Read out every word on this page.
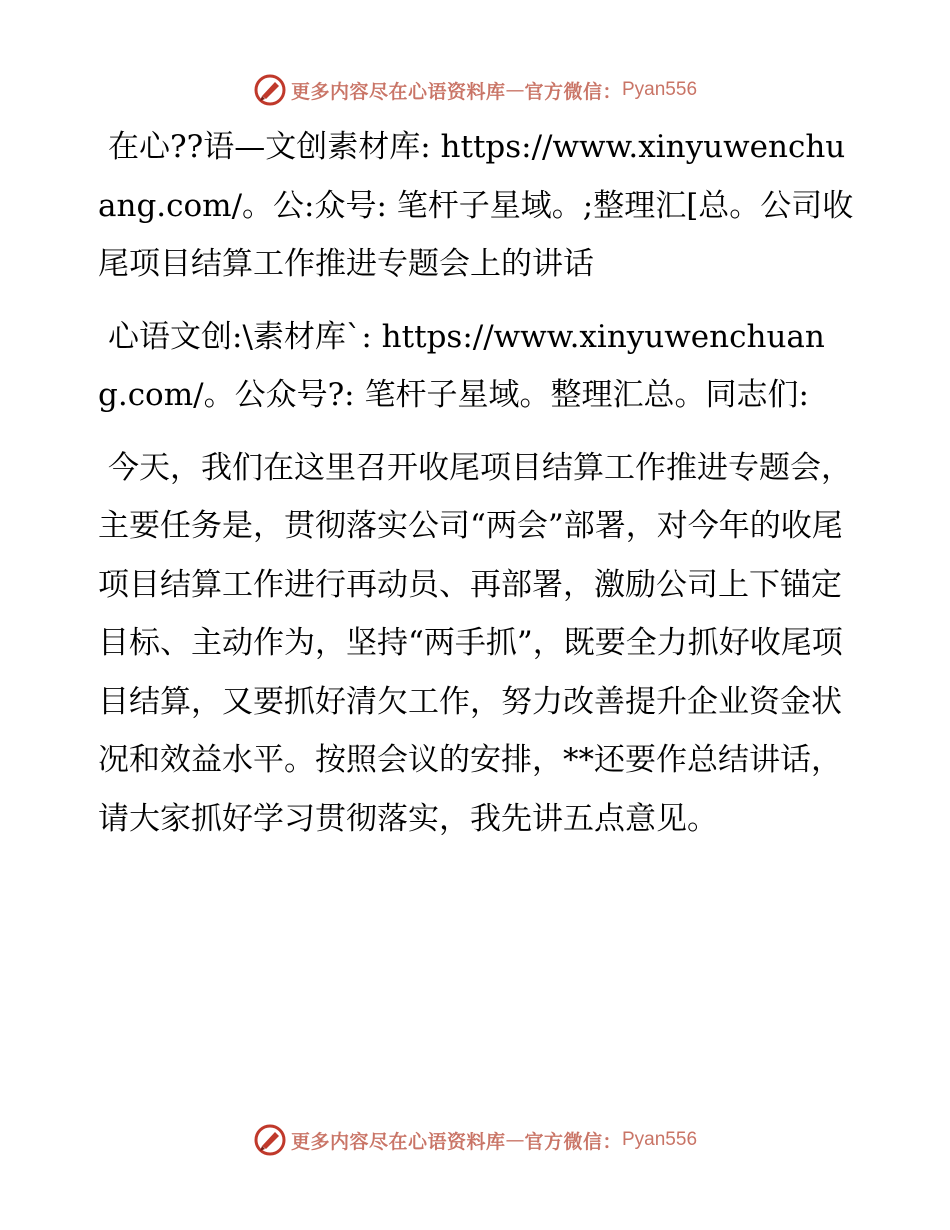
更多内容尽在心语资料库 — 官方微信： Pyan556

在心??语—文创素材库: https://www.xinyuwenchuang.com/。公:众号: 笔杆子星域。;整理汇[总。公司收尾项目结算工作推进专题会上的讲话

心语文创:\素材库`: https://www.xinyuwenchuang.com/。公众号?: 笔杆子星域。整理汇总。同志们:

今天，我们在这里召开收尾项目结算工作推进专题会，主要任务是，贯彻落实公司“两会”部署，对今年的收尾项目结算工作进行再动员、再部署，激励公司上下锚定目标、主动作为，坚持“两手抓”，既要全力抓好收尾项目结算，又要抓好清欠工作，努力改善提升企业资金状况和效益水平。按照会议的安排，**还要作总结讲话，请大家抓好学习贯彻落实，我先讲五点意见。

更多内容尽在心语资料库 — 官方微信： Pyan556
